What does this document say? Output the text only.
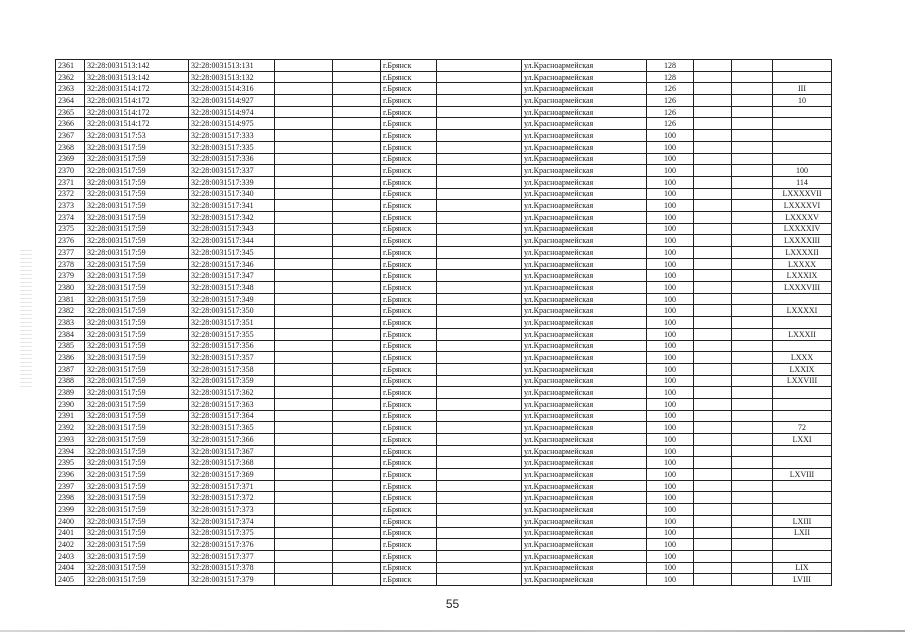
2361	32:28:0031513:142	32:28:0031513:131			г.Брянск		ул.Красноармейская	128			
2362	32:28:0031513:142	32:28:0031513:132			г.Брянск		ул.Красноармейская	128			
2363	32:28:0031514:172	32:28:0031514:316			г.Брянск		ул.Красноармейская	126			III
2364	32:28:0031514:172	32:28:0031514:927			г.Брянск		ул.Красноармейская	126			10
2365	32:28:0031514:172	32:28:0031514:974			г.Брянск		ул.Красноармейская	126			
2366	32:28:0031514:172	32:28:0031514:975			г.Брянск		ул.Красноармейская	126			
2367	32:28:0031517:53	32:28:0031517:333			г.Брянск		ул.Красноармейская	100			
2368	32:28:0031517:59	32:28:0031517:335			г.Брянск		ул.Красноармейская	100			
2369	32:28:0031517:59	32:28:0031517:336			г.Брянск		ул.Красноармейская	100			
2370	32:28:0031517:59	32:28:0031517:337			г.Брянск		ул.Красноармейская	100			100
2371	32:28:0031517:59	32:28:0031517:339			г.Брянск		ул.Красноармейская	100			114
2372	32:28:0031517:59	32:28:0031517:340			г.Брянск		ул.Красноармейская	100			LXXXXVII
2373	32:28:0031517:59	32:28:0031517:341			г.Брянск		ул.Красноармейская	100			LXXXXVI
2374	32:28:0031517:59	32:28:0031517:342			г.Брянск		ул.Красноармейская	100			LXXXXV
2375	32:28:0031517:59	32:28:0031517:343			г.Брянск		ул.Красноармейская	100			LXXXXIV
2376	32:28:0031517:59	32:28:0031517:344			г.Брянск		ул.Красноармейская	100			LXXXXIII
2377	32:28:0031517:59	32:28:0031517:345			г.Брянск		ул.Красноармейская	100			LXXXXII
2378	32:28:0031517:59	32:28:0031517:346			г.Брянск		ул.Красноармейская	100			LXXXX
2379	32:28:0031517:59	32:28:0031517:347			г.Брянск		ул.Красноармейская	100			LXXXIX
2380	32:28:0031517:59	32:28:0031517:348			г.Брянск		ул.Красноармейская	100			LXXXVIII
2381	32:28:0031517:59	32:28:0031517:349			г.Брянск		ул.Красноармейская	100			
2382	32:28:0031517:59	32:28:0031517:350			г.Брянск		ул.Красноармейская	100			LXXXXI
2383	32:28:0031517:59	32:28:0031517:351			г.Брянск		ул.Красноармейская	100			
2384	32:28:0031517:59	32:28:0031517:355			г.Брянск		ул.Красноармейская	100			LXXXII
2385	32:28:0031517:59	32:28:0031517:356			г.Брянск		ул.Красноармейская	100			
2386	32:28:0031517:59	32:28:0031517:357			г.Брянск		ул.Красноармейская	100			LXXX
2387	32:28:0031517:59	32:28:0031517:358			г.Брянск		ул.Красноармейская	100			LXXIX
2388	32:28:0031517:59	32:28:0031517:359			г.Брянск		ул.Красноармейская	100			LXXVIII
2389	32:28:0031517:59	32:28:0031517:362			г.Брянск		ул.Красноармейская	100			
2390	32:28:0031517:59	32:28:0031517:363			г.Брянск		ул.Красноармейская	100			
2391	32:28:0031517:59	32:28:0031517:364			г.Брянск		ул.Красноармейская	100			
2392	32:28:0031517:59	32:28:0031517:365			г.Брянск		ул.Красноармейская	100			72
2393	32:28:0031517:59	32:28:0031517:366			г.Брянск		ул.Красноармейская	100			LXXI
2394	32:28:0031517:59	32:28:0031517:367			г.Брянск		ул.Красноармейская	100			
2395	32:28:0031517:59	32:28:0031517:368			г.Брянск		ул.Красноармейская	100			
2396	32:28:0031517:59	32:28:0031517:369			г.Брянск		ул.Красноармейская	100			LXVIII
2397	32:28:0031517:59	32:28:0031517:371			г.Брянск		ул.Красноармейская	100			
2398	32:28:0031517:59	32:28:0031517:372			г.Брянск		ул.Красноармейская	100			
2399	32:28:0031517:59	32:28:0031517:373			г.Брянск		ул.Красноармейская	100			
2400	32:28:0031517:59	32:28:0031517:374			г.Брянск		ул.Красноармейская	100			LXIII
2401	32:28:0031517:59	32:28:0031517:375			г.Брянск		ул.Красноармейская	100			LXII
2402	32:28:0031517:59	32:28:0031517:376			г.Брянск		ул.Красноармейская	100			
2403	32:28:0031517:59	32:28:0031517:377			г.Брянск		ул.Красноармейская	100			
2404	32:28:0031517:59	32:28:0031517:378			г.Брянск		ул.Красноармейская	100			LIX
2405	32:28:0031517:59	32:28:0031517:379			г.Брянск		ул.Красноармейская	100			LVIII
55
